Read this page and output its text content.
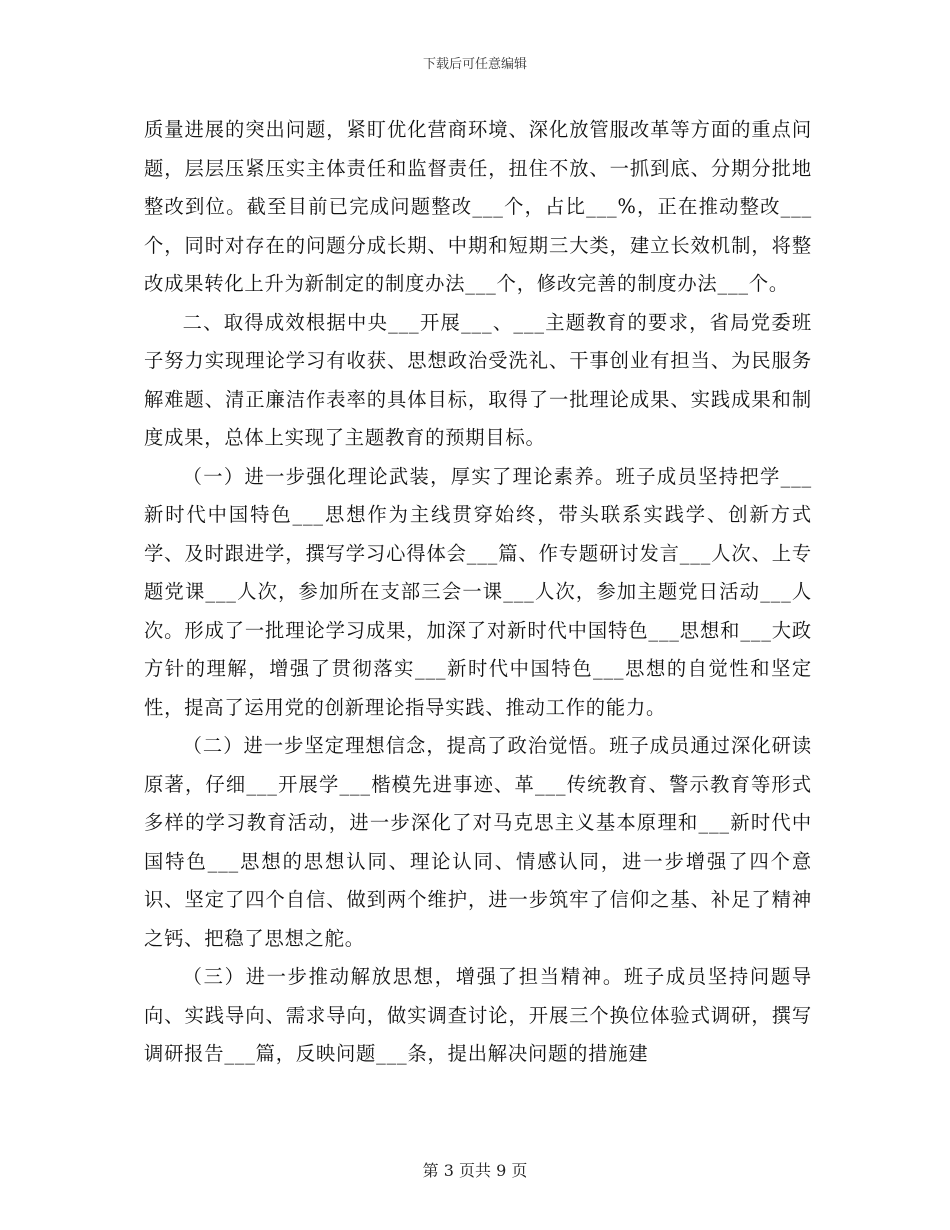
下载后可任意编辑

质量进展的突出问题，紧盯优化营商环境、深化放管服改革等方面的重点问题，层层压紧压实主体责任和监督责任，扭住不放、一抓到底、分期分批地整改到位。截至目前已完成问题整改___个，占比___%，正在推动整改___个，同时对存在的问题分成长期、中期和短期三大类，建立长效机制，将整改成果转化上升为新制定的制度办法___个，修改完善的制度办法___个。

二、取得成效根据中央___开展___、___主题教育的要求，省局党委班子努力实现理论学习有收获、思想政治受洗礼、干事创业有担当、为民服务解难题、清正廉洁作表率的具体目标，取得了一批理论成果、实践成果和制度成果，总体上实现了主题教育的预期目标。

（一）进一步强化理论武装，厚实了理论素养。班子成员坚持把学___新时代中国特色___思想作为主线贯穿始终，带头联系实践学、创新方式学、及时跟进学，撰写学习心得体会___篇、作专题研讨发言___人次、上专题党课___人次，参加所在支部三会一课___人次，参加主题党日活动___人次。形成了一批理论学习成果，加深了对新时代中国特色___思想和___大政方针的理解，增强了贯彻落实___新时代中国特色___思想的自觉性和坚定性，提高了运用党的创新理论指导实践、推动工作的能力。

（二）进一步坚定理想信念，提高了政治觉悟。班子成员通过深化研读原著，仔细___开展学___楷模先进事迹、革___传统教育、警示教育等形式多样的学习教育活动，进一步深化了对马克思主义基本原理和___新时代中国特色___思想的思想认同、理论认同、情感认同，进一步增强了四个意识、坚定了四个自信、做到两个维护，进一步筑牢了信仰之基、补足了精神之钙、把稳了思想之舵。

（三）进一步推动解放思想，增强了担当精神。班子成员坚持问题导向、实践导向、需求导向，做实调查讨论，开展三个换位体验式调研，撰写调研报告___篇，反映问题___条，提出解决问题的措施建

第 3 页共 9 页
